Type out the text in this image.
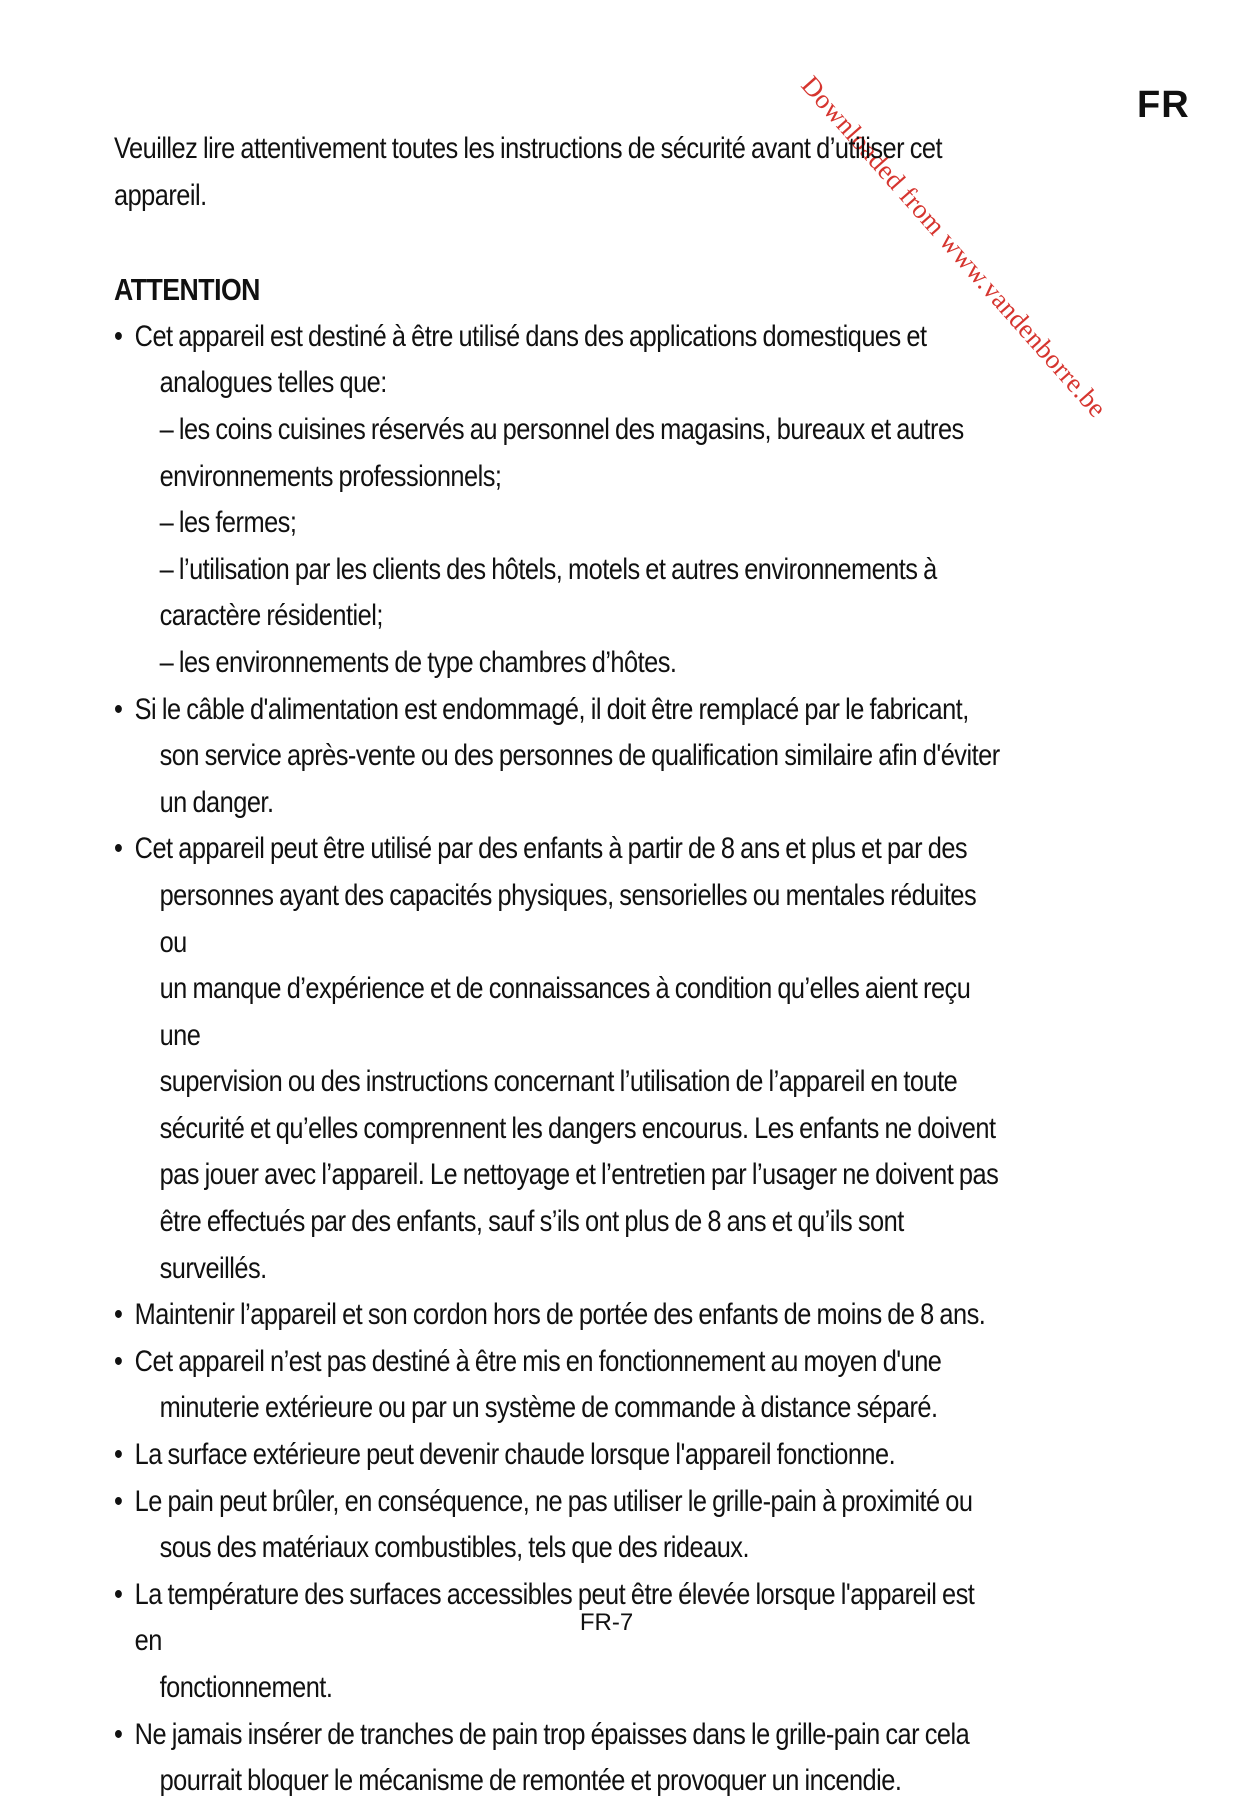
FR
Downloaded from www.vandenborre.be
Veuillez lire attentivement toutes les instructions de sécurité avant d’utiliser cet
appareil.
ATTENTION
• Cet appareil est destiné à être utilisé dans des applications domestiques et
analogues telles que:
– les coins cuisines réservés au personnel des magasins, bureaux et autres
environnements professionnels;
– les fermes;
– l’utilisation par les clients des hôtels, motels et autres environnements à
caractère résidentiel;
– les environnements de type chambres d’hôtes.
• Si le câble d'alimentation est endommagé, il doit être remplacé par le fabricant,
son service après-vente ou des personnes de qualification similaire afin d'éviter
un danger.
• Cet appareil peut être utilisé par des enfants à partir de 8 ans et plus et par des
personnes ayant des capacités physiques, sensorielles ou mentales réduites ou
un manque d’expérience et de connaissances à condition qu’elles aient reçu une
supervision ou des instructions concernant l’utilisation de l’appareil en toute
sécurité et qu’elles comprennent les dangers encourus. Les enfants ne doivent
pas jouer avec l’appareil. Le nettoyage et l’entretien par l’usager ne doivent pas
être effectués par des enfants, sauf s’ils ont plus de 8 ans et qu’ils sont surveillés.
• Maintenir l’appareil et son cordon hors de portée des enfants de moins de 8 ans.
• Cet appareil n’est pas destiné à être mis en fonctionnement au moyen d'une
minuterie extérieure ou par un système de commande à distance séparé.
• La surface extérieure peut devenir chaude lorsque l'appareil fonctionne.
• Le pain peut brûler, en conséquence, ne pas utiliser le grille-pain à proximité ou
sous des matériaux combustibles, tels que des rideaux.
• La température des surfaces accessibles peut être élevée lorsque l'appareil est en
fonctionnement.
• Ne jamais insérer de tranches de pain trop épaisses dans le grille-pain car cela
pourrait bloquer le mécanisme de remontée et provoquer un incendie.
FR-7
